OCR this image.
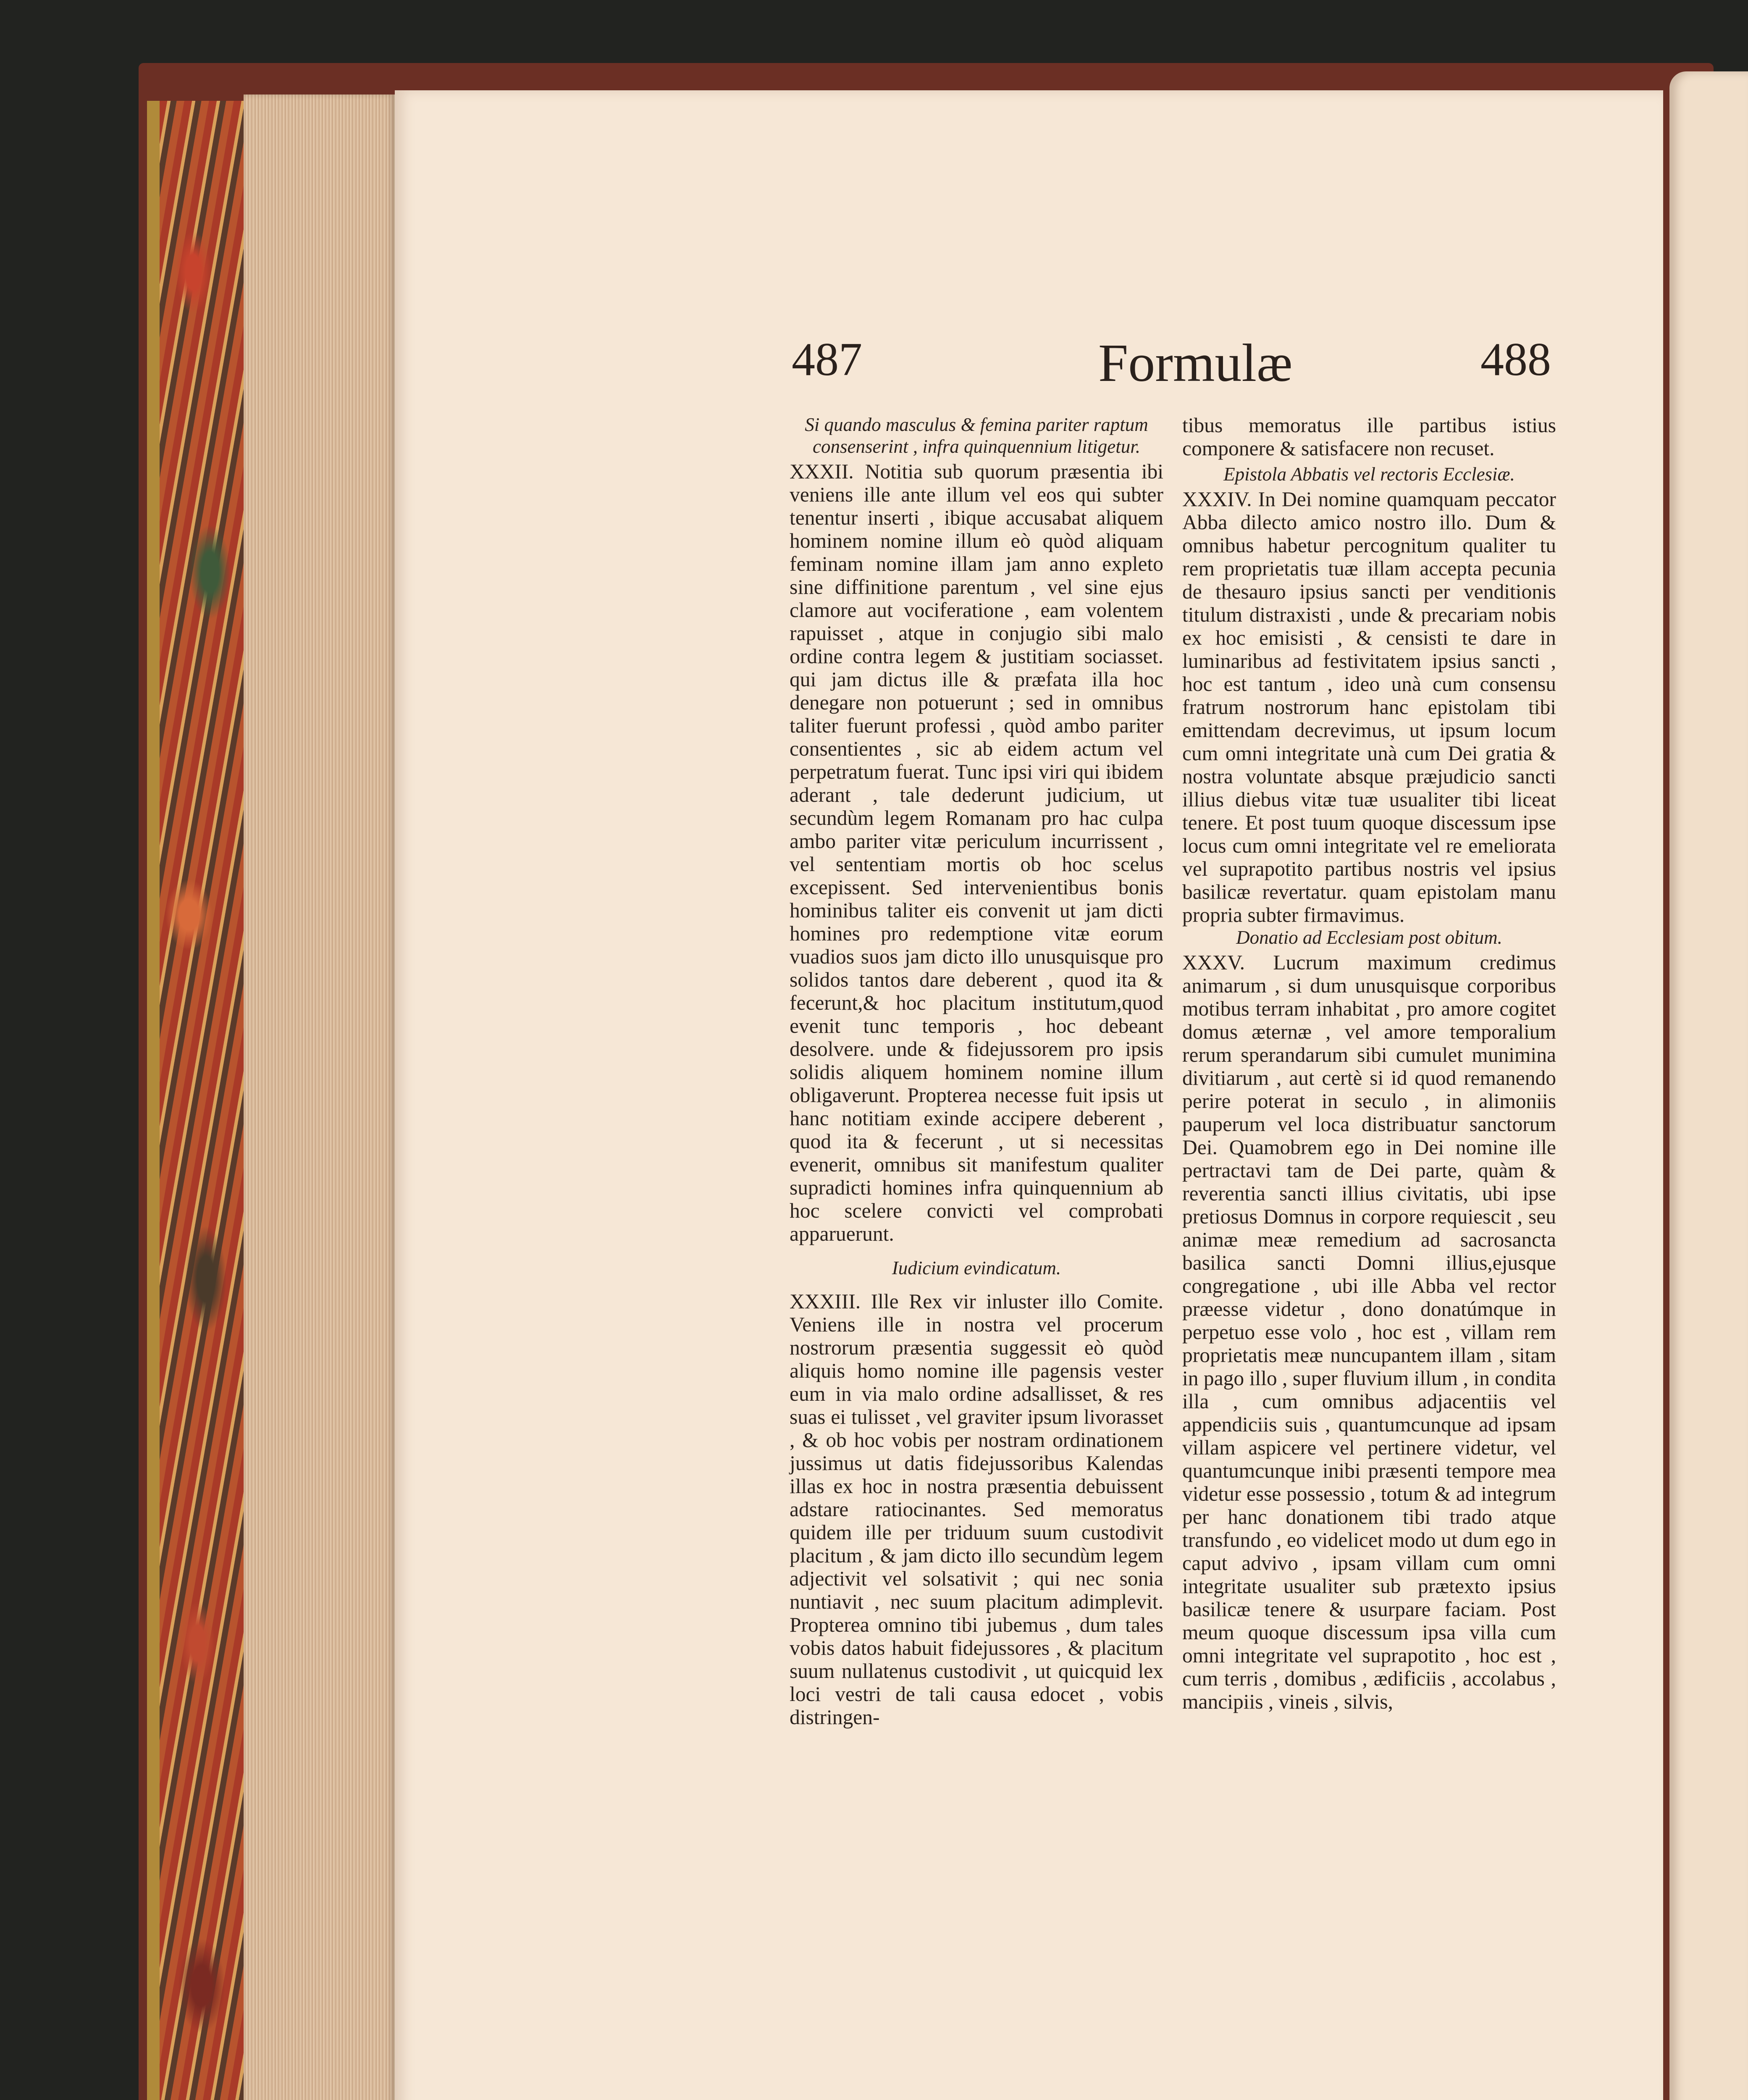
487	Formulæ	488

Si quando masculus & femina pariter raptum consenserint , infra quinquennium litigetur.

XXXII. Notitia sub quorum præsentia ibi veniens ille ante illum vel eos qui subter tenentur inserti , ibique accusabat aliquem hominem nomine illum eò quòd aliquam feminam nomine illam jam anno expleto sine diffinitione parentum , vel sine ejus clamore aut vociferatione , eam volentem rapuisset , atque in conjugio sibi malo ordine contra legem & justitiam sociasset. qui jam dictus ille & præfata illa hoc denegare non potuerunt ; sed in omnibus taliter fuerunt professi , quòd ambo pariter consentientes , sic ab eidem actum vel perpetratum fuerat. Tunc ipsi viri qui ibidem aderant , tale dederunt judicium, ut secundùm legem Romanam pro hac culpa ambo pariter vitæ periculum incurrissent , vel sententiam mortis ob hoc scelus excepissent. Sed intervenientibus bonis hominibus taliter eis convenit ut jam dicti homines pro redemptione vitæ eorum vuadios suos jam dicto illo unusquisque pro solidos tantos dare deberent , quod ita & fecerunt,& hoc placitum institutum,quod evenit tunc temporis , hoc debeant desolvere. unde & fidejussorem pro ipsis solidis aliquem hominem nomine illum obligaverunt. Propterea necesse fuit ipsis ut hanc notitiam exinde accipere deberent , quod ita & fecerunt , ut si necessitas evenerit, omnibus sit manifestum qualiter supradicti homines infra quinquennium ab hoc scelere convicti vel comprobati apparuerunt.

Iudicium evindicatum.

XXXIII. Ille Rex vir inluster illo Comite. Veniens ille in nostra vel procerum nostrorum præsentia suggessit eò quòd aliquis homo nomine ille pagensis vester eum in via malo ordine adsallisset, & res suas ei tulisset , vel graviter ipsum livorasset , & ob hoc vobis per nostram ordinationem jussimus ut datis fidejussoribus Kalendas illas ex hoc in nostra præsentia debuissent adstare ratiocinantes. Sed memoratus quidem ille per triduum suum custodivit placitum , & jam dicto illo secundùm legem adjectivit vel solsativit ; qui nec sonia nuntiavit , nec suum placitum adimplevit. Propterea omnino tibi jubemus , dum tales vobis datos habuit fidejussores , & placitum suum nullatenus custodivit , ut quicquid lex loci vestri de tali causa edocet , vobis distringen-

tibus memoratus ille partibus istius componere & satisfacere non recuset.

Epistola Abbatis vel rectoris Ecclesiæ.

XXXIV. In Dei nomine quamquam peccator Abba dilecto amico nostro illo. Dum & omnibus habetur percognitum qualiter tu rem proprietatis tuæ illam accepta pecunia de thesauro ipsius sancti per venditionis titulum distraxisti , unde & precariam nobis ex hoc emisisti , & censisti te dare in luminaribus ad festivitatem ipsius sancti , hoc est tantum , ideo unà cum consensu fratrum nostrorum hanc epistolam tibi emittendam decrevimus, ut ipsum locum cum omni integritate unà cum Dei gratia & nostra voluntate absque præjudicio sancti illius diebus vitæ tuæ usualiter tibi liceat tenere. Et post tuum quoque discessum ipse locus cum omni integritate vel re emeliorata vel suprapotito partibus nostris vel ipsius basilicæ revertatur. quam epistolam manu propria subter firmavimus.

Donatio ad Ecclesiam post obitum.

XXXV. Lucrum maximum credimus animarum , si dum unusquisque corporibus motibus terram inhabitat , pro amore cogitet domus æternæ , vel amore temporalium rerum sperandarum sibi cumulet munimina divitiarum , aut certè si id quod remanendo perire poterat in seculo , in alimoniis pauperum vel loca distribuatur sanctorum Dei. Quamobrem ego in Dei nomine ille pertractavi tam de Dei parte, quàm & reverentia sancti illius civitatis, ubi ipse pretiosus Domnus in corpore requiescit , seu animæ meæ remedium ad sacrosancta basilica sancti Domni illius,ejusque congregatione , ubi ille Abba vel rector præesse videtur , dono donatúmque in perpetuo esse volo , hoc est , villam rem proprietatis meæ nuncupantem illam , sitam in pago illo , super fluvium illum , in condita illa , cum omnibus adjacentiis vel appendiciis suis , quantumcunque ad ipsam villam aspicere vel pertinere videtur, vel quantumcunque inibi præsenti tempore mea videtur esse possessio , totum & ad integrum per hanc donationem tibi trado atque transfundo , eo videlicet modo ut dum ego in caput advivo , ipsam villam cum omni integritate usualiter sub prætexto ipsius basilicæ tenere & usurpare faciam. Post meum quoque discessum ipsa villa cum omni integritate vel suprapotito , hoc est , cum terris , domibus , ædificiis , accolabus , mancipiis , vineis , silvis,
